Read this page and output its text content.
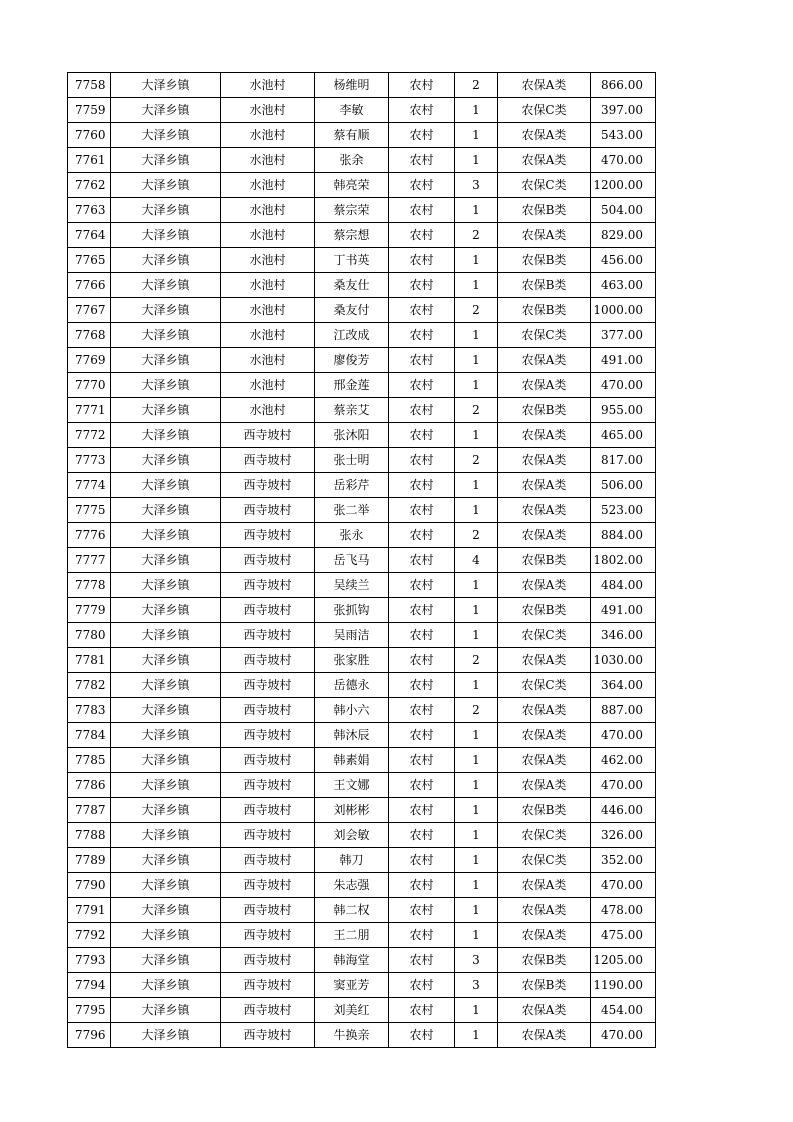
7758	大泽乡镇	水池村	杨维明	农村	2	农保A类	866.00
7759	大泽乡镇	水池村	李敏	农村	1	农保C类	397.00
7760	大泽乡镇	水池村	蔡有顺	农村	1	农保A类	543.00
7761	大泽乡镇	水池村	张余	农村	1	农保A类	470.00
7762	大泽乡镇	水池村	韩亮荣	农村	3	农保C类	1200.00
7763	大泽乡镇	水池村	蔡宗荣	农村	1	农保B类	504.00
7764	大泽乡镇	水池村	蔡宗想	农村	2	农保A类	829.00
7765	大泽乡镇	水池村	丁书英	农村	1	农保B类	456.00
7766	大泽乡镇	水池村	桑友仕	农村	1	农保B类	463.00
7767	大泽乡镇	水池村	桑友付	农村	2	农保B类	1000.00
7768	大泽乡镇	水池村	江改成	农村	1	农保C类	377.00
7769	大泽乡镇	水池村	廖俊芳	农村	1	农保A类	491.00
7770	大泽乡镇	水池村	邢金莲	农村	1	农保A类	470.00
7771	大泽乡镇	水池村	蔡亲艾	农村	2	农保B类	955.00
7772	大泽乡镇	西寺坡村	张沐阳	农村	1	农保A类	465.00
7773	大泽乡镇	西寺坡村	张士明	农村	2	农保A类	817.00
7774	大泽乡镇	西寺坡村	岳彩芹	农村	1	农保A类	506.00
7775	大泽乡镇	西寺坡村	张二举	农村	1	农保A类	523.00
7776	大泽乡镇	西寺坡村	张永	农村	2	农保A类	884.00
7777	大泽乡镇	西寺坡村	岳飞马	农村	4	农保B类	1802.00
7778	大泽乡镇	西寺坡村	吴续兰	农村	1	农保A类	484.00
7779	大泽乡镇	西寺坡村	张抓钩	农村	1	农保B类	491.00
7780	大泽乡镇	西寺坡村	吴雨洁	农村	1	农保C类	346.00
7781	大泽乡镇	西寺坡村	张家胜	农村	2	农保A类	1030.00
7782	大泽乡镇	西寺坡村	岳德永	农村	1	农保C类	364.00
7783	大泽乡镇	西寺坡村	韩小六	农村	2	农保A类	887.00
7784	大泽乡镇	西寺坡村	韩沐辰	农村	1	农保A类	470.00
7785	大泽乡镇	西寺坡村	韩素娟	农村	1	农保A类	462.00
7786	大泽乡镇	西寺坡村	王文娜	农村	1	农保A类	470.00
7787	大泽乡镇	西寺坡村	刘彬彬	农村	1	农保B类	446.00
7788	大泽乡镇	西寺坡村	刘会敏	农村	1	农保C类	326.00
7789	大泽乡镇	西寺坡村	韩刀	农村	1	农保C类	352.00
7790	大泽乡镇	西寺坡村	朱志强	农村	1	农保A类	470.00
7791	大泽乡镇	西寺坡村	韩二权	农村	1	农保A类	478.00
7792	大泽乡镇	西寺坡村	王二朋	农村	1	农保A类	475.00
7793	大泽乡镇	西寺坡村	韩海堂	农村	3	农保B类	1205.00
7794	大泽乡镇	西寺坡村	窦亚芳	农村	3	农保B类	1190.00
7795	大泽乡镇	西寺坡村	刘美红	农村	1	农保A类	454.00
7796	大泽乡镇	西寺坡村	牛换亲	农村	1	农保A类	470.00
